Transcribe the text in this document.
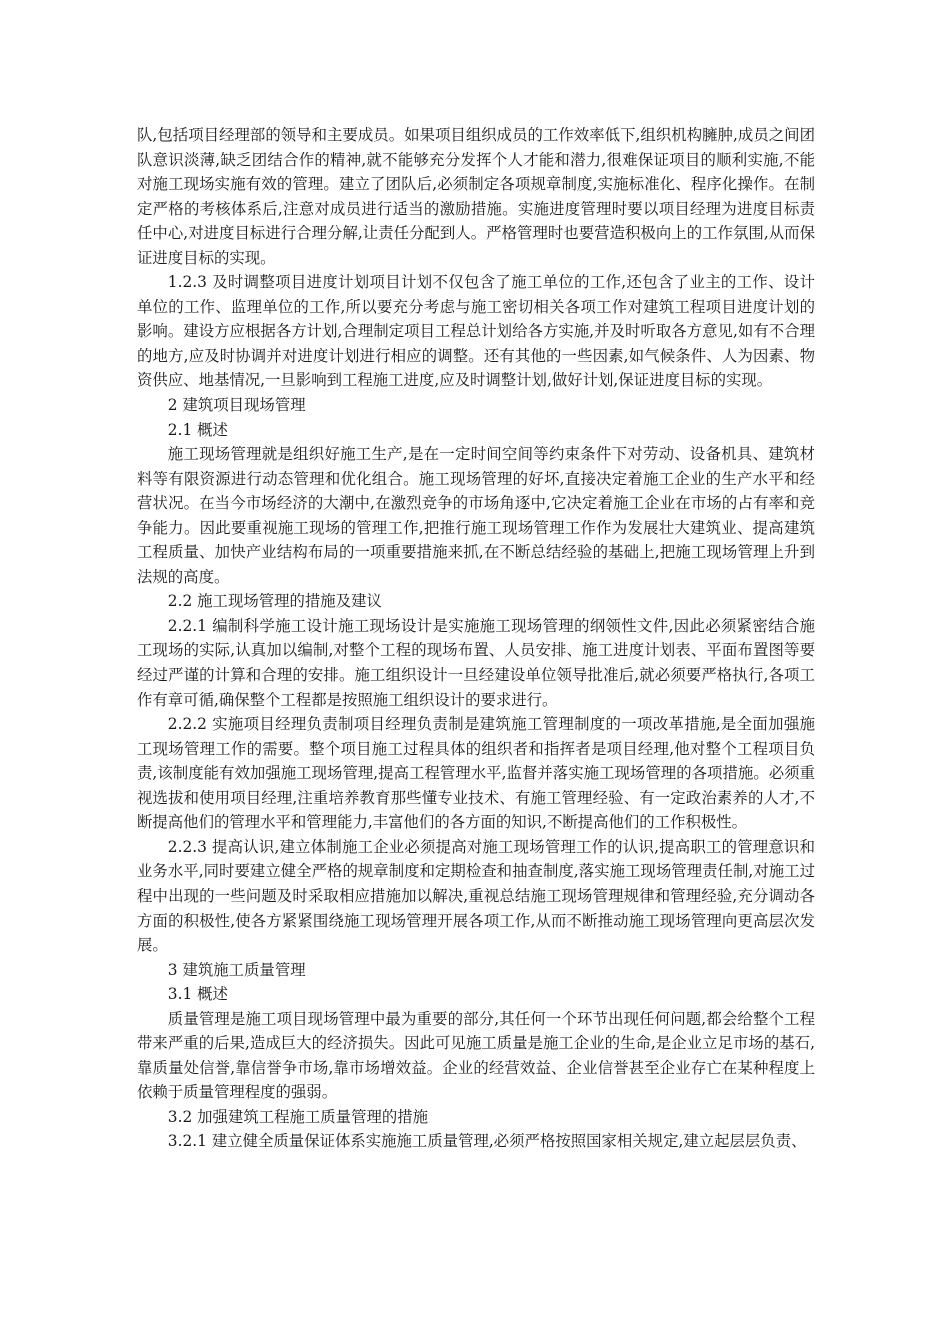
队,包括项目经理部的领导和主要成员。如果项目组织成员的工作效率低下,组织机构臃肿,成员之间团队意识淡薄,缺乏团结合作的精神,就不能够充分发挥个人才能和潜力,很难保证项目的顺利实施,不能对施工现场实施有效的管理。建立了团队后,必须制定各项规章制度,实施标准化、程序化操作。在制定严格的考核体系后,注意对成员进行适当的激励措施。实施进度管理时要以项目经理为进度目标责任中心,对进度目标进行合理分解,让责任分配到人。严格管理时也要营造积极向上的工作氛围,从而保证进度目标的实现。

1.2.3 及时调整项目进度计划项目计划不仅包含了施工单位的工作,还包含了业主的工作、设计单位的工作、监理单位的工作,所以要充分考虑与施工密切相关各项工作对建筑工程项目进度计划的影响。建设方应根据各方计划,合理制定项目工程总计划给各方实施,并及时听取各方意见,如有不合理的地方,应及时协调并对进度计划进行相应的调整。还有其他的一些因素,如气候条件、人为因素、物资供应、地基情况,一旦影响到工程施工进度,应及时调整计划,做好计划,保证进度目标的实现。

2 建筑项目现场管理

2.1 概述

施工现场管理就是组织好施工生产,是在一定时间空间等约束条件下对劳动、设备机具、建筑材料等有限资源进行动态管理和优化组合。施工现场管理的好坏,直接决定着施工企业的生产水平和经营状况。在当今市场经济的大潮中,在激烈竞争的市场角逐中,它决定着施工企业在市场的占有率和竞争能力。因此要重视施工现场的管理工作,把推行施工现场管理工作作为发展壮大建筑业、提高建筑工程质量、加快产业结构布局的一项重要措施来抓,在不断总结经验的基础上,把施工现场管理上升到法规的高度。

2.2 施工现场管理的措施及建议

2.2.1 编制科学施工设计施工现场设计是实施施工现场管理的纲领性文件,因此必须紧密结合施工现场的实际,认真加以编制,对整个工程的现场布置、人员安排、施工进度计划表、平面布置图等要经过严谨的计算和合理的安排。施工组织设计一旦经建设单位领导批准后,就必须要严格执行,各项工作有章可循,确保整个工程都是按照施工组织设计的要求进行。

2.2.2 实施项目经理负责制项目经理负责制是建筑施工管理制度的一项改革措施,是全面加强施工现场管理工作的需要。整个项目施工过程具体的组织者和指挥者是项目经理,他对整个工程项目负责,该制度能有效加强施工现场管理,提高工程管理水平,监督并落实施工现场管理的各项措施。必须重视选拔和使用项目经理,注重培养教育那些懂专业技术、有施工管理经验、有一定政治素养的人才,不断提高他们的管理水平和管理能力,丰富他们的各方面的知识,不断提高他们的工作积极性。

2.2.3 提高认识,建立体制施工企业必须提高对施工现场管理工作的认识,提高职工的管理意识和业务水平,同时要建立健全严格的规章制度和定期检查和抽查制度,落实施工现场管理责任制,对施工过程中出现的一些问题及时采取相应措施加以解决,重视总结施工现场管理规律和管理经验,充分调动各方面的积极性,使各方紧紧围绕施工现场管理开展各项工作,从而不断推动施工现场管理向更高层次发展。

3 建筑施工质量管理

3.1 概述

质量管理是施工项目现场管理中最为重要的部分,其任何一个环节出现任何问题,都会给整个工程带来严重的后果,造成巨大的经济损失。因此可见施工质量是施工企业的生命,是企业立足市场的基石,靠质量处信誉,靠信誉争市场,靠市场增效益。企业的经营效益、企业信誉甚至企业存亡在某种程度上依赖于质量管理程度的强弱。

3.2 加强建筑工程施工质量管理的措施

3.2.1 建立健全质量保证体系实施施工质量管理,必须严格按照国家相关规定,建立起层层负责、
